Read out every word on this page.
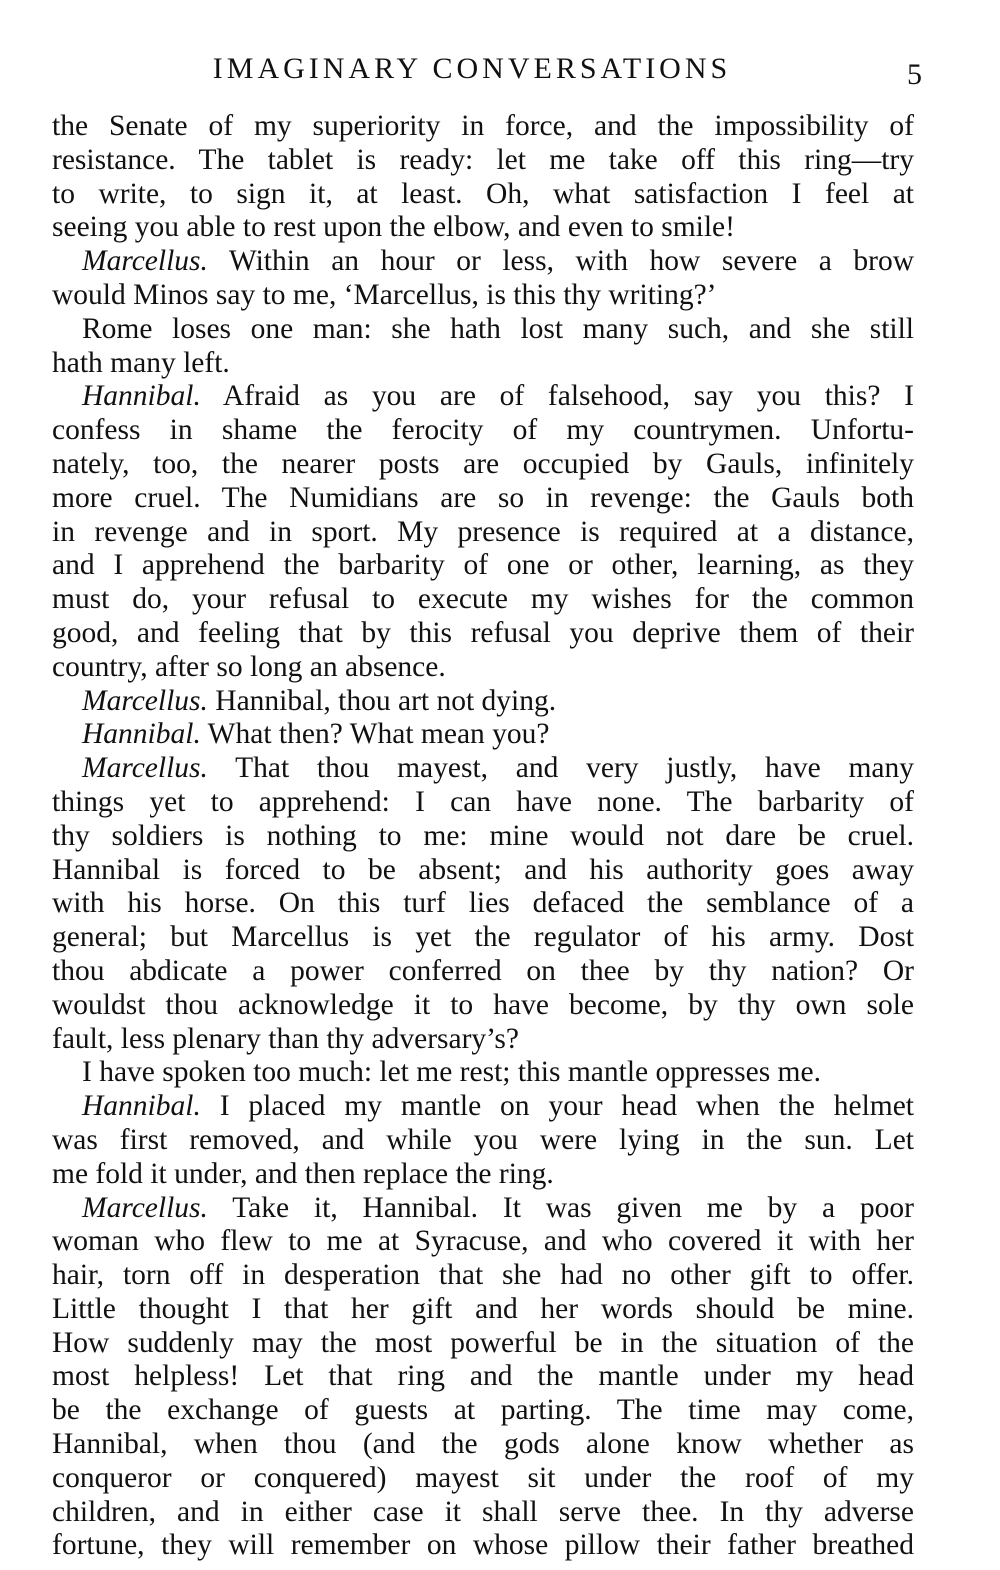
IMAGINARY CONVERSATIONS	5
the Senate of my superiority in force, and the impossibility of
resistance. The tablet is ready: let me take off this ring—try
to write, to sign it, at least. Oh, what satisfaction I feel at
seeing you able to rest upon the elbow, and even to smile!
Marcellus. Within an hour or less, with how severe a brow
would Minos say to me, ‘Marcellus, is this thy writing?’
Rome loses one man: she hath lost many such, and she still
hath many left.
Hannibal. Afraid as you are of falsehood, say you this? I
confess in shame the ferocity of my countrymen. Unfortu-
nately, too, the nearer posts are occupied by Gauls, infinitely
more cruel. The Numidians are so in revenge: the Gauls both
in revenge and in sport. My presence is required at a distance,
and I apprehend the barbarity of one or other, learning, as they
must do, your refusal to execute my wishes for the common
good, and feeling that by this refusal you deprive them of their
country, after so long an absence.
Marcellus. Hannibal, thou art not dying.
Hannibal. What then? What mean you?
Marcellus. That thou mayest, and very justly, have many
things yet to apprehend: I can have none. The barbarity of
thy soldiers is nothing to me: mine would not dare be cruel.
Hannibal is forced to be absent; and his authority goes away
with his horse. On this turf lies defaced the semblance of a
general; but Marcellus is yet the regulator of his army. Dost
thou abdicate a power conferred on thee by thy nation? Or
wouldst thou acknowledge it to have become, by thy own sole
fault, less plenary than thy adversary’s?
I have spoken too much: let me rest; this mantle oppresses me.
Hannibal. I placed my mantle on your head when the helmet
was first removed, and while you were lying in the sun. Let
me fold it under, and then replace the ring.
Marcellus. Take it, Hannibal. It was given me by a poor
woman who flew to me at Syracuse, and who covered it with her
hair, torn off in desperation that she had no other gift to offer.
Little thought I that her gift and her words should be mine.
How suddenly may the most powerful be in the situation of the
most helpless! Let that ring and the mantle under my head
be the exchange of guests at parting. The time may come,
Hannibal, when thou (and the gods alone know whether as
conqueror or conquered) mayest sit under the roof of my
children, and in either case it shall serve thee. In thy adverse
fortune, they will remember on whose pillow their father breathed
